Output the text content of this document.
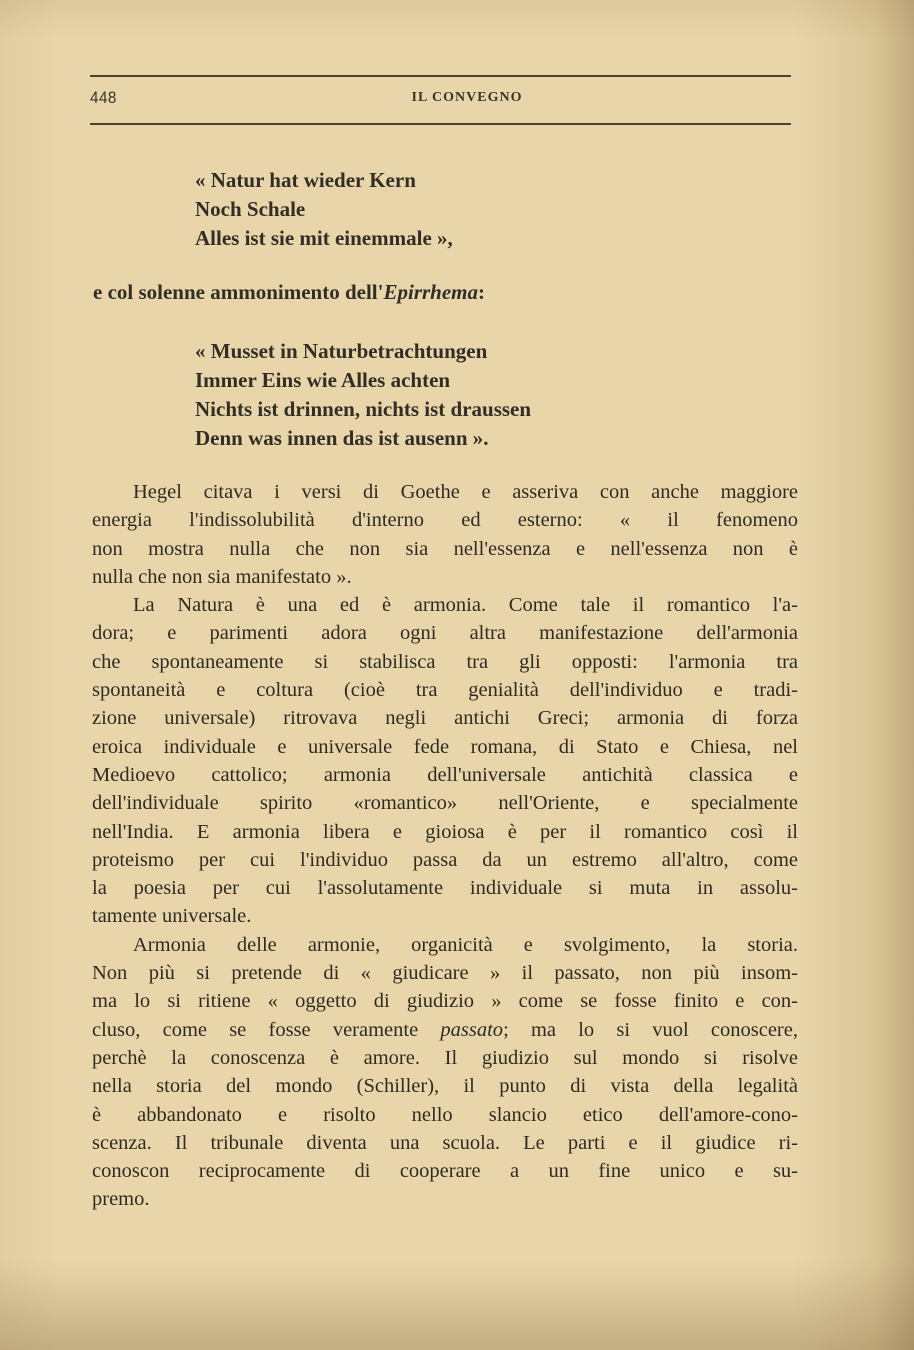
448	IL CONVEGNO
« Natur hat wieder Kern
Noch Schale
Alles ist sie mit einemmale »,
e col solenne ammonimento dell'Epirrhema:
« Musset in Naturbetrachtungen
Immer Eins wie Alles achten
Nichts ist drinnen, nichts ist draussen
Denn was innen das ist ausenn ».
Hegel citava i versi di Goethe e asseriva con anche maggiore
energia l'indissolubilità d'interno ed esterno: « il fenomeno
non mostra nulla che non sia nell'essenza e nell'essenza non è
nulla che non sia manifestato ».
La Natura è una ed è armonia. Come tale il romantico l'a-
dora; e parimenti adora ogni altra manifestazione dell'armonia
che spontaneamente si stabilisca tra gli opposti: l'armonia tra
spontaneità e coltura (cioè tra genialità dell'individuo e tradi-
zione universale) ritrovava negli antichi Greci; armonia di forza
eroica individuale e universale fede romana, di Stato e Chiesa, nel
Medioevo cattolico; armonia dell'universale antichità classica e
dell'individuale spirito «romantico» nell'Oriente, e specialmente
nell'India. E armonia libera e gioiosa è per il romantico così il
proteismo per cui l'individuo passa da un estremo all'altro, come
la poesia per cui l'assolutamente individuale si muta in assolu-
tamente universale.
Armonia delle armonie, organicità e svolgimento, la storia.
Non più si pretende di « giudicare » il passato, non più insom-
ma lo si ritiene « oggetto di giudizio » come se fosse finito e con-
cluso, come se fosse veramente passato; ma lo si vuol conoscere,
perchè la conoscenza è amore. Il giudizio sul mondo si risolve
nella storia del mondo (Schiller), il punto di vista della legalità
è abbandonato e risolto nello slancio etico dell'amore-cono-
scenza. Il tribunale diventa una scuola. Le parti e il giudice ri-
conoscon reciprocamente di cooperare a un fine unico e su-
premo.
